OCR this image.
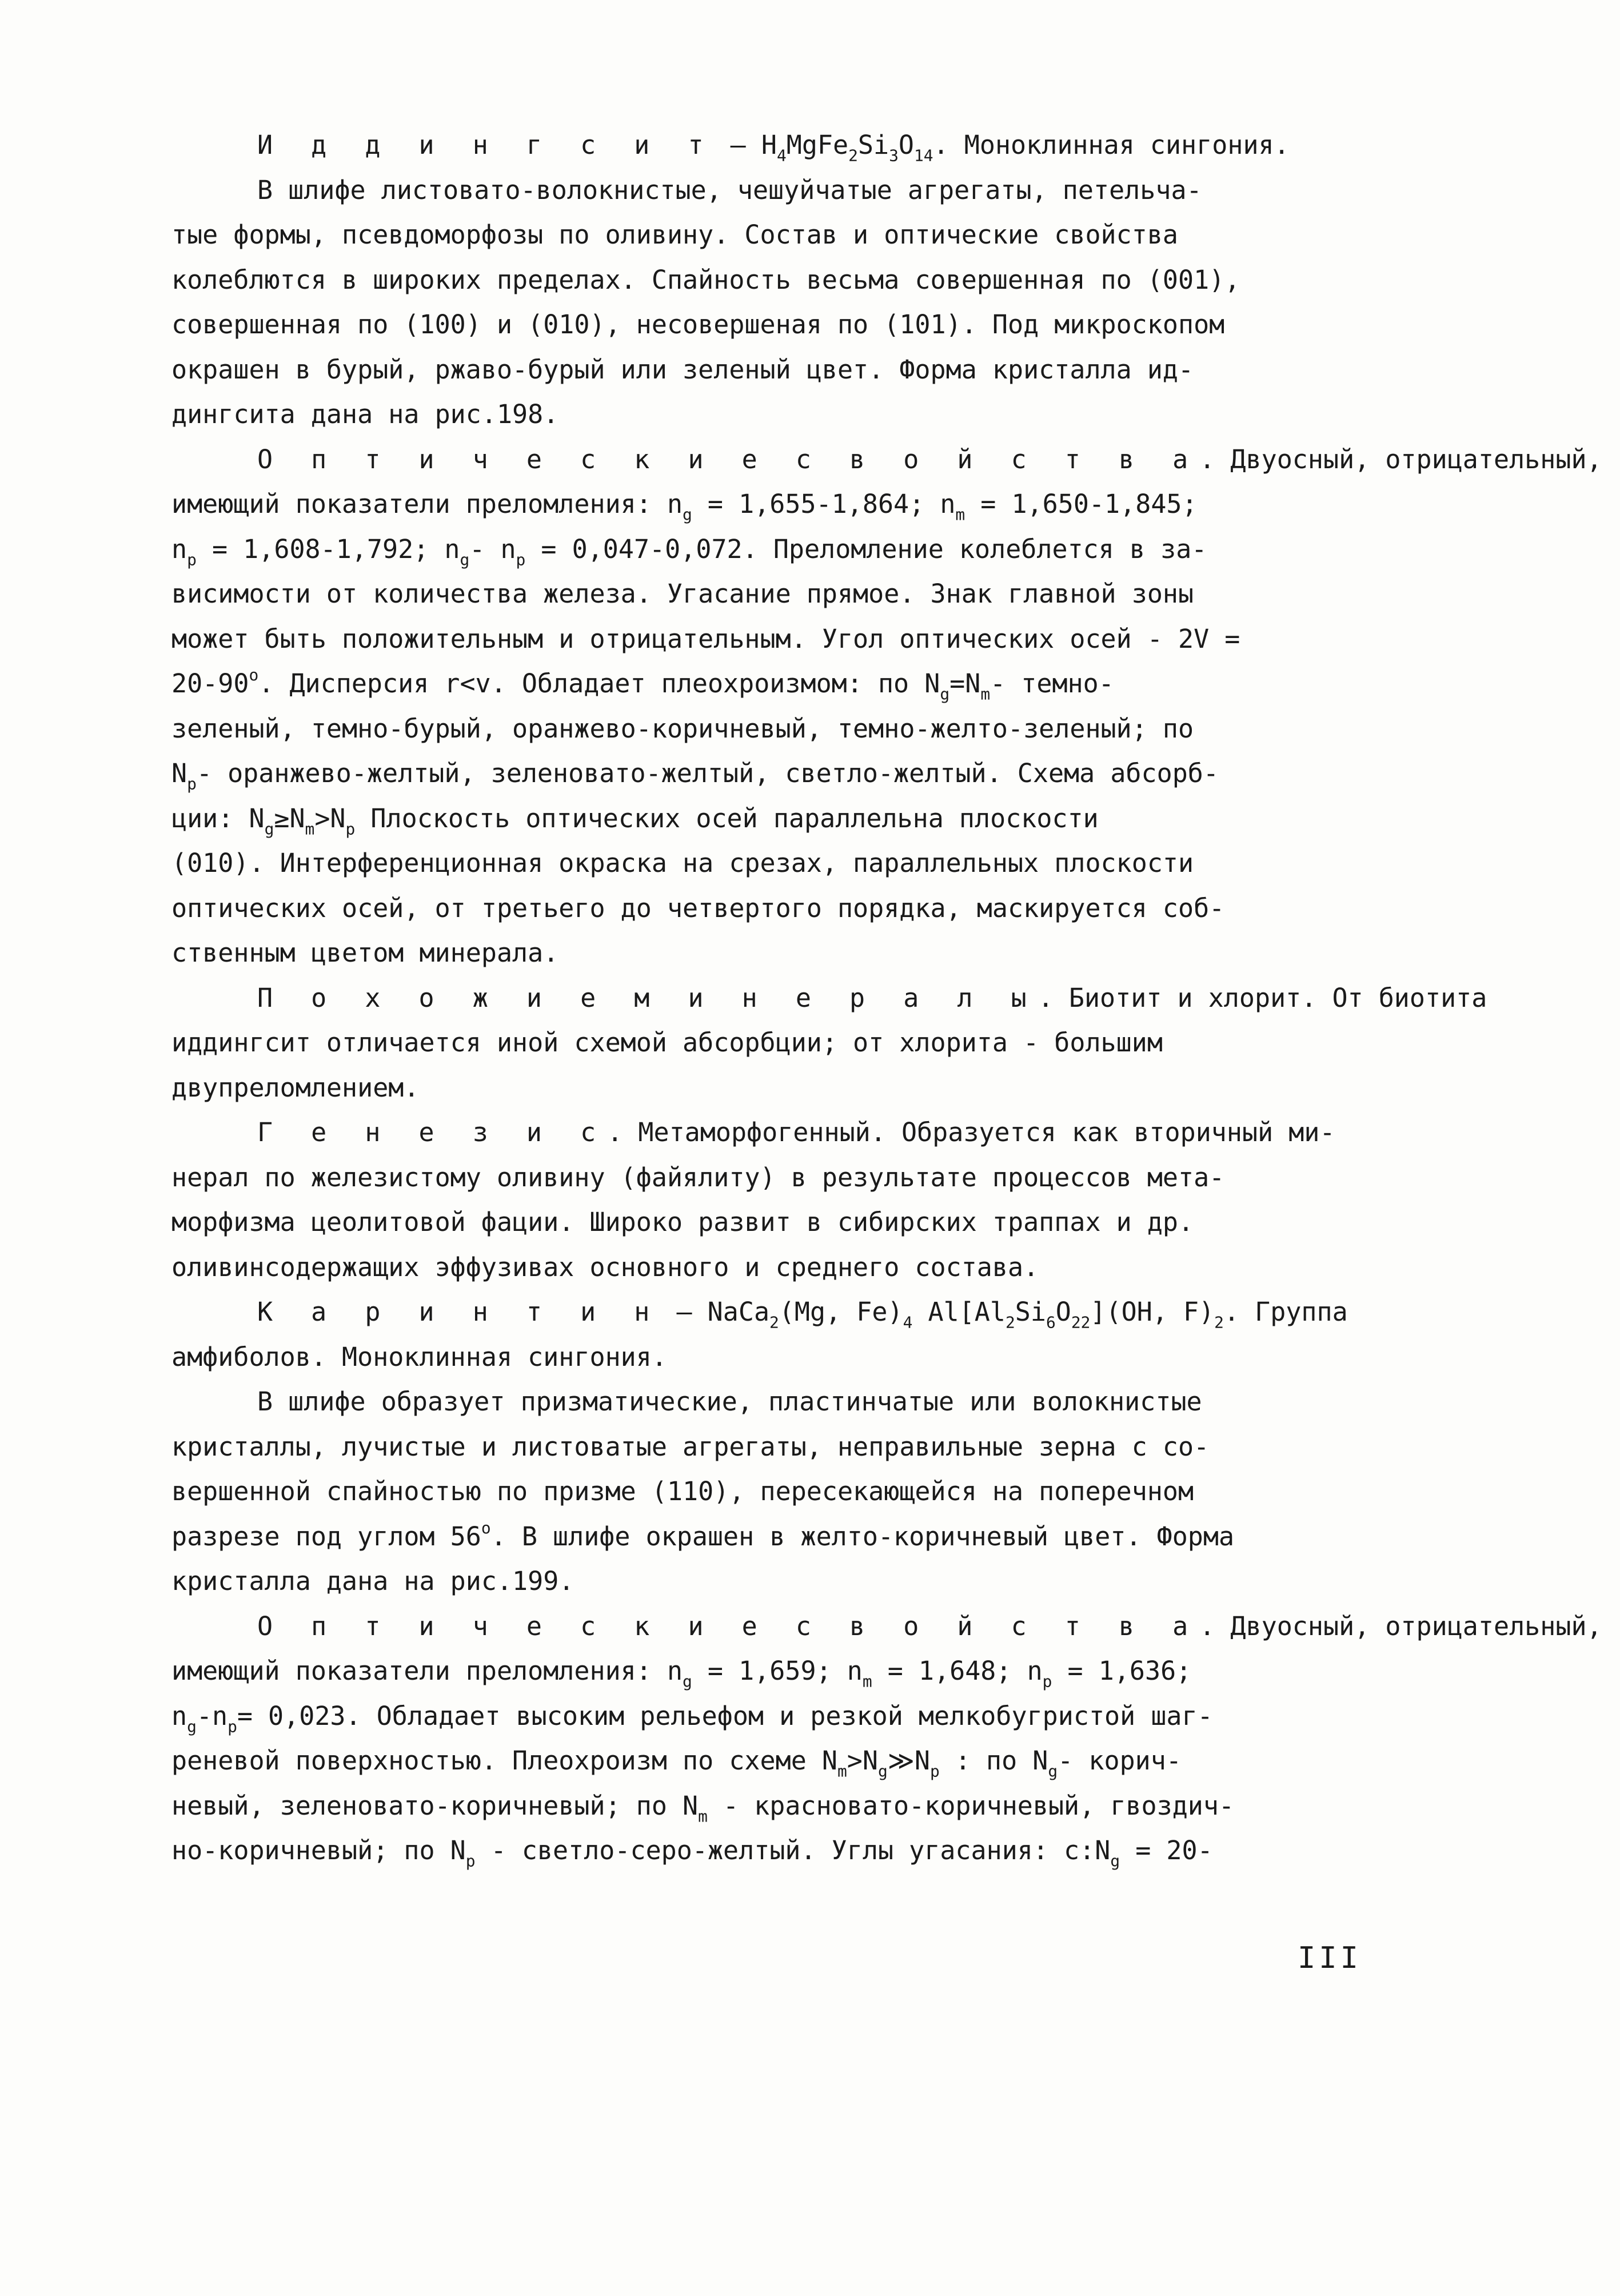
И д д и н г с и т – $H_4MgFe_2Si_3O_{14}$. Моноклинная сингония.
В шлифе листовато-волокнистые, чешуйчатые агрегаты, петельча-
тые формы, псевдоморфозы по оливину. Состав и оптические свойства
колеблются в широких пределах. Спайность весьма совершенная по (001),
совершенная по (100) и (010), несовершеная по (101). Под микроскопом
окрашен в бурый, ржаво-бурый или зеленый цвет. Форма кристалла ид-
дингсита дана на рис.198.
О п т и ч е с к и е с в о й с т в а. Двуосный, отрицательный,
имеющий показатели преломления: $n_g = 1,655-1,864$; $n_m = 1,650-1,845$;
$n_p = 1,608-1,792$; $n_g-$ $n_p = 0,047-0,072$. Преломление колеблется в за-
висимости от количества железа. Угасание прямое. Знак главной зоны
может быть положительным и отрицательным. Угол оптических осей - 2V =
$20-90^o$. Дисперсия r<v. Обладает плеохроизмом: по $N_g=N_m-$ темно-
зеленый, темно-бурый, оранжево-коричневый, темно-желто-зеленый; по
$N_p-$ оранжево-желтый, зеленовато-желтый, светло-желтый. Схема абсорб-
ции: $N_g\ge N_m>N_p$ Плоскость оптических осей параллельна плоскости
(010). Интерференционная окраска на срезах, параллельных плоскости
оптических осей, от третьего до четвертого порядка, маскируется соб-
ственным цветом минерала.
П о х о ж и е м и н е р а л ы. Биотит и хлорит. От биотита
иддингсит отличается иной схемой абсорбции; от хлорита - большим
двупреломлением.
Г е н е з и с. Метаморфогенный. Образуется как вторичный ми-
нерал по железистому оливину (файялиту) в результате процессов мета-
морфизма цеолитовой фации. Широко развит в сибирских траппах и др.
оливинсодержащих эффузивах основного и среднего состава.
К а р и н т и н – NaCa$_2$(Mg, $Fe)_4$ $Al[Al_2Si_6O_{22}](OH$, $F)_2$. Группа
амфиболов. Моноклинная сингония.
В шлифе образует призматические, пластинчатые или волокнистые
кристаллы, лучистые и листоватые агрегаты, неправильные зерна с со-
вершенной спайностью по призме (110), пересекающейся на поперечном
разрезе под углом 56$^o$. В шлифе окрашен в желто-коричневый цвет. Форма
кристалла дана на рис.199.
О п т и ч е с к и е с в о й с т в а. Двуосный, отрицательный,
имеющий показатели преломления: $n_g = 1,659$; $n_m = 1,648$; $n_p = 1,636$;
$n_g-n_p= 0,023$. Обладает высоким рельефом и резкой мелкобугристой шаг-
реневой поверхностью. Плеохроизм по схеме $N_m>N_g≫N_p$ : по $N_g-$ корич-
невый, зеленовато-коричневый; по $N_m$ - красновато-коричневый, гвоздич-
но-коричневый; по $N_p$ - светло-серо-желтый. Углы угасания: $c:N_g = 20-$
III
